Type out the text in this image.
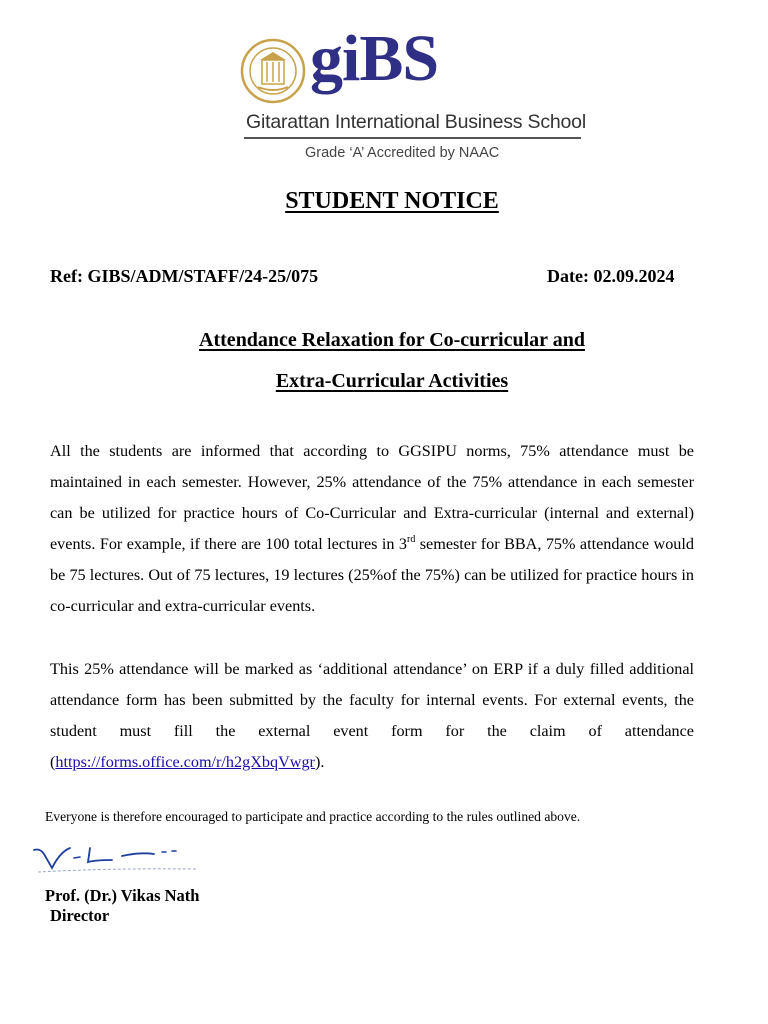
giBS
Gitarattan International Business School
Grade ‘A’ Accredited by NAAC
STUDENT NOTICE
Ref: GIBS/ADM/STAFF/24-25/075	Date: 02.09.2024
Attendance Relaxation for Co-curricular and
Extra-Curricular Activities
All the students are informed that according to GGSIPU norms, 75% attendance must be maintained in each semester. However, 25% attendance of the 75% attendance in each semester can be utilized for practice hours of Co-Curricular and Extra-curricular (internal and external) events. For example, if there are 100 total lectures in 3rd semester for BBA, 75% attendance would be 75 lectures. Out of 75 lectures, 19 lectures (25%of the 75%) can be utilized for practice hours in co-curricular and extra-curricular events.
This 25% attendance will be marked as ‘additional attendance’ on ERP if a duly filled additional attendance form has been submitted by the faculty for internal events. For external events, the student must fill the external event form for the claim of attendance (https://forms.office.com/r/h2gXbqVwgr).
Everyone is therefore encouraged to participate and practice according to the rules outlined above.
Prof. (Dr.) Vikas Nath
Director
